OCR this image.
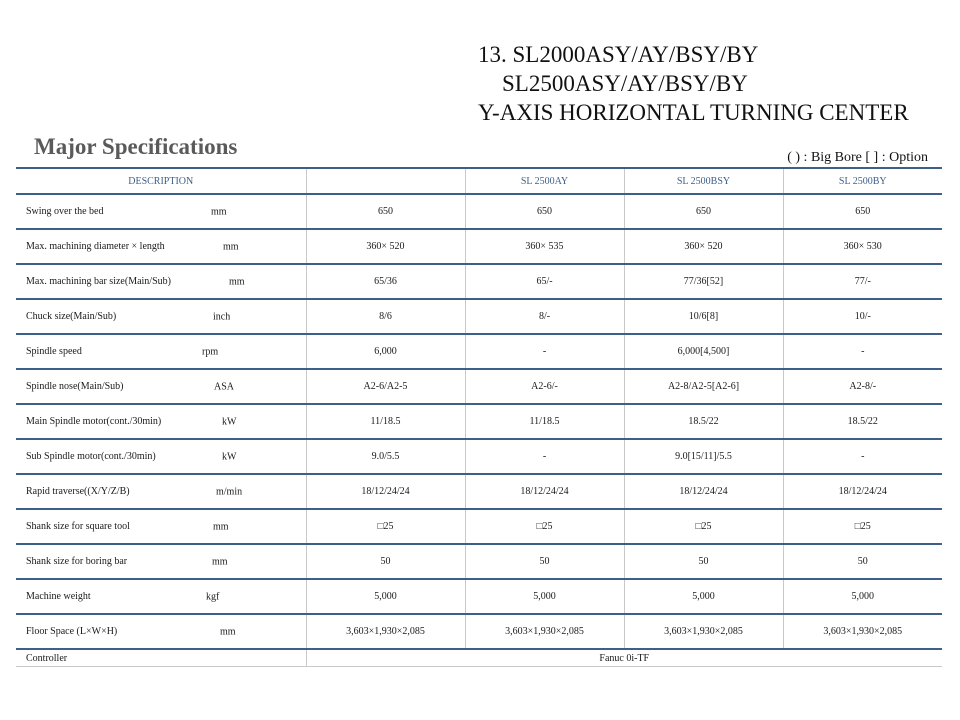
13. SL2000ASY/AY/BSY/BY
SL2500ASY/AY/BSY/BY
Y-AXIS HORIZONTAL TURNING CENTER
Major Specifications	( ) : Big Bore [ ] : Option
DESCRIPTION		SL 2500AY	SL 2500BSY	SL 2500BY
Swing over the bed mm	650	650	650	650
Max. machining diameter × length mm	360× 520	360× 535	360× 520	360× 530
Max. machining bar size(Main/Sub) mm	65/36	65/-	77/36[52]	77/-
Chuck size(Main/Sub) inch	8/6	8/-	10/6[8]	10/-
Spindle speed rpm	6,000	-	6,000[4,500]	-
Spindle nose(Main/Sub) ASA	A2-6/A2-5	A2-6/-	A2-8/A2-5[A2-6]	A2-8/-
Main Spindle motor(cont./30min) kW	11/18.5	11/18.5	18.5/22	18.5/22
Sub Spindle motor(cont./30min) kW	9.0/5.5	-	9.0[15/11]/5.5	-
Rapid traverse((X/Y/Z/B) m/min	18/12/24/24	18/12/24/24	18/12/24/24	18/12/24/24
Shank size for square tool mm	□25	□25	□25	□25
Shank size for boring bar mm	50	50	50	50
Machine weight kgf	5,000	5,000	5,000	5,000
Floor Space (L×W×H) mm	3,603×1,930×2,085	3,603×1,930×2,085	3,603×1,930×2,085	3,603×1,930×2,085
Controller	Fanuc 0i-TF			
